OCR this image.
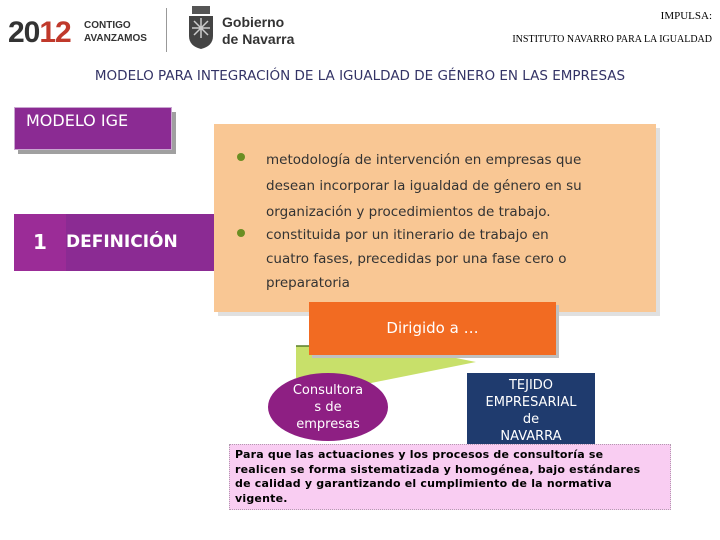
2012 CONTIGO
AVANZAMOS
Gobierno
de Navarra
IMPULSA:
INSTITUTO NAVARRO PARA LA IGUALDAD
MODELO PARA INTEGRACIÓN DE LA IGUALDAD DE GÉNERO EN LAS EMPRESAS
MODELO IGE
1	DEFINICIÓN
metodología de intervención en empresas que
desean incorporar la igualdad de género en su
organización y procedimientos de trabajo.
constituida por un itinerario de trabajo en
cuatro fases, precedidas por una fase cero o
preparatoria
Dirigido a …
Consultora
s de
empresas
TEJIDO
EMPRESARIAL
de
NAVARRA
Para que las actuaciones y los procesos de consultoría se
realicen se forma sistematizada y homogénea, bajo estándares
de calidad y garantizando el cumplimiento de la normativa
vigente.
